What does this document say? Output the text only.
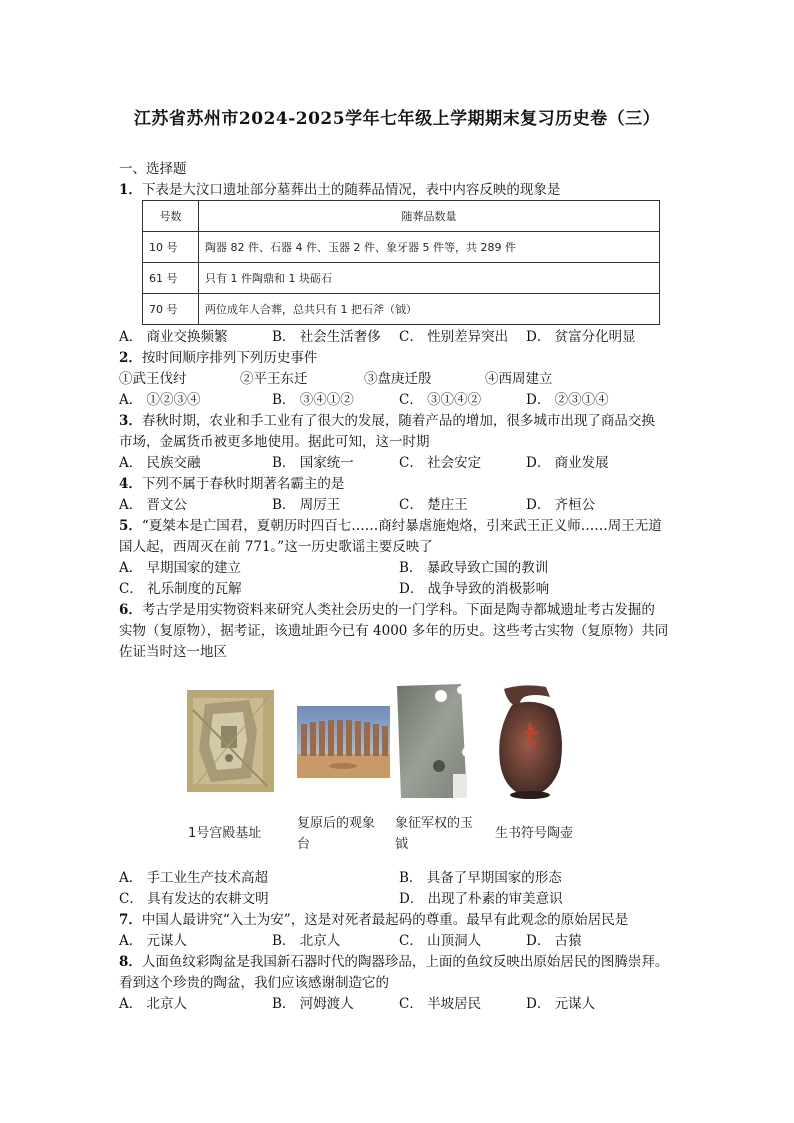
江苏省苏州市2024-2025学年七年级上学期期末复习历史卷（三）
一、选择题
1．下表是大汶口遗址部分墓葬出土的随葬品情况，表中内容反映的现象是
号数	随葬品数量
10 号	陶器 82 件、石器 4 件、玉器 2 件、象牙器 5 件等，共 289 件
61 号	只有 1 件陶鼎和 1 块砺石
70 号	两位成年人合葬，总共只有 1 把石斧（钺）
A． 商业交换频繁	B． 社会生活奢侈 C． 性别差异突出 D． 贫富分化明显
2．按时间顺序排列下列历史事件
①武王伐纣	②平王东迁	③盘庚迁殷	④西周建立
A． ①②③④	B． ③④①②	C． ③①④②	D． ②③①④
3．春秋时期，农业和手工业有了很大的发展，随着产品的增加，很多城市出现了商品交换
市场，金属货币被更多地使用。据此可知，这一时期
A． 民族交融	B． 国家统一	C． 社会安定	D． 商业发展
4．下列不属于春秋时期著名霸主的是
A． 晋文公	B． 周厉王	C． 楚庄王	D． 齐桓公
5．“夏桀本是亡国君，夏朝历时四百七……商纣暴虐施炮烙，引来武王正义师……周王无道
国人起，西周灭在前 771。”这一历史歌谣主要反映了
A． 早期国家的建立	B． 暴政导致亡国的教训
C． 礼乐制度的瓦解	D． 战争导致的消极影响
6．考古学是用实物资料来研究人类社会历史的一门学科。下面是陶寺都城遗址考古发掘的
实物（复原物），据考证，该遗址距今已有 4000 多年的历史。这些考古实物（复原物）共同
佐证当时这一地区
1号宫殿基址
复原后的观象
台
象征军权的玉
钺
生书符号陶壶
A． 手工业生产技术高超	B． 具备了早期国家的形态
C． 具有发达的农耕文明	D． 出现了朴素的审美意识
7．中国人最讲究“入土为安”，这是对死者最起码的尊重。最早有此观念的原始居民是
A． 元谋人	B． 北京人	C． 山顶洞人	D． 古猿
8．人面鱼纹彩陶盆是我国新石器时代的陶器珍品，上面的鱼纹反映出原始居民的图腾崇拜。
看到这个珍贵的陶盆，我们应该感谢制造它的
A． 北京人	B． 河姆渡人	C． 半坡居民	D． 元谋人
